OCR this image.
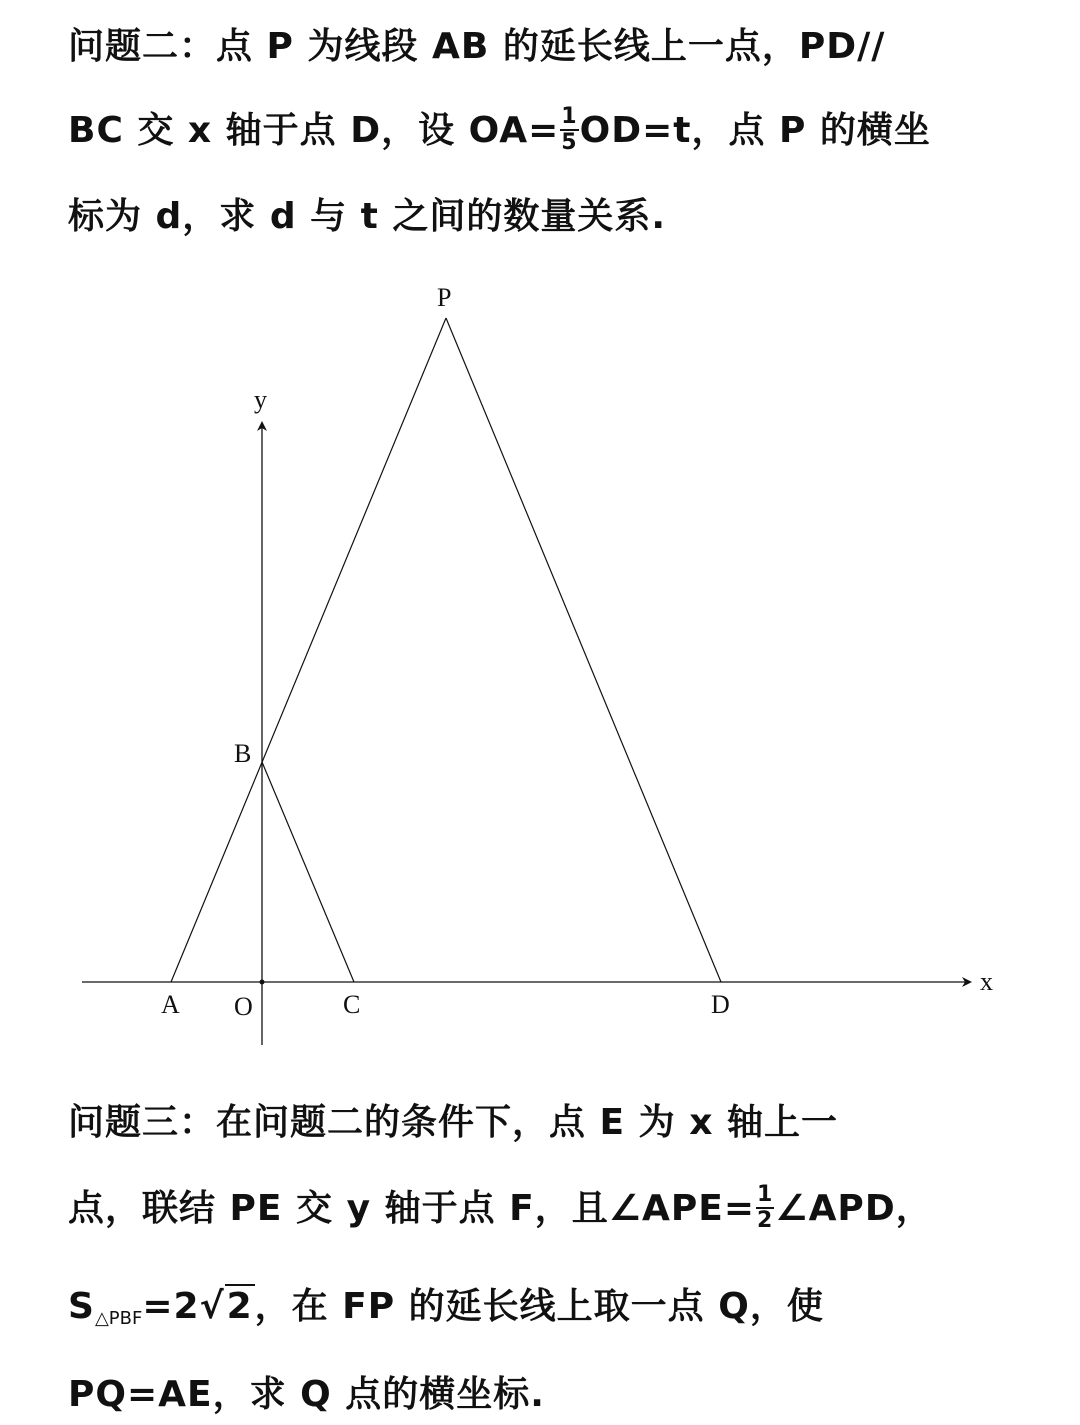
问题二：点 P 为线段 AB 的延长线上一点，PD∕∕
BC 交 x 轴于点 D，设 $OA= \frac{1}{5} OD=t$，点 P 的横坐
标为 d，求 d 与 t 之间的数量关系.
P
y
B
A O	C	D
x
问题三：在问题二的条件下，点 E 为 x 轴上一
点，联结 PE 交 y 轴于点 F，且∠APE= $\frac{1}{2}$ ∠APD，
$S_{\triangle PBF}=2√2$，在 FP 的延长线上取一点 Q，使
PQ=AE，求 Q 点的横坐标.
